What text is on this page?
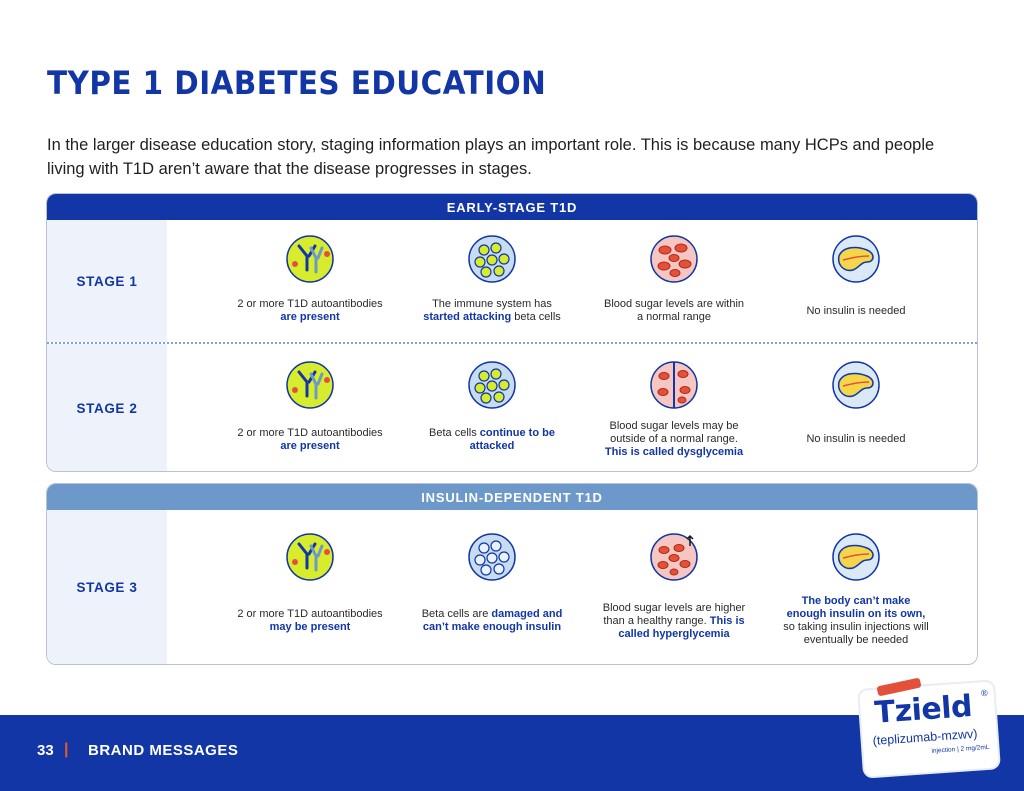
TYPE 1 DIABETES EDUCATION

In the larger disease education story, staging information plays an important role. This is because many HCPs and people living with T1D aren’t aware that the disease progresses in stages.

EARLY-STAGE T1D
STAGE 1
2 or more T1D autoantibodies are present
The immune system has started attacking beta cells
Blood sugar levels are within a normal range
No insulin is needed
STAGE 2
2 or more T1D autoantibodies are present
Beta cells continue to be attacked
Blood sugar levels may be outside of a normal range. This is called dysglycemia
No insulin is needed
INSULIN-DEPENDENT T1D
STAGE 3
2 or more T1D autoantibodies may be present
Beta cells are damaged and can’t make enough insulin
Blood sugar levels are higher than a healthy range. This is called hyperglycemia
The body can’t make enough insulin on its own, so taking insulin injections will eventually be needed
33 | BRAND MESSAGES
Tzield ®
(teplizumab-mzwv)
injection | 2 mg/2mL
